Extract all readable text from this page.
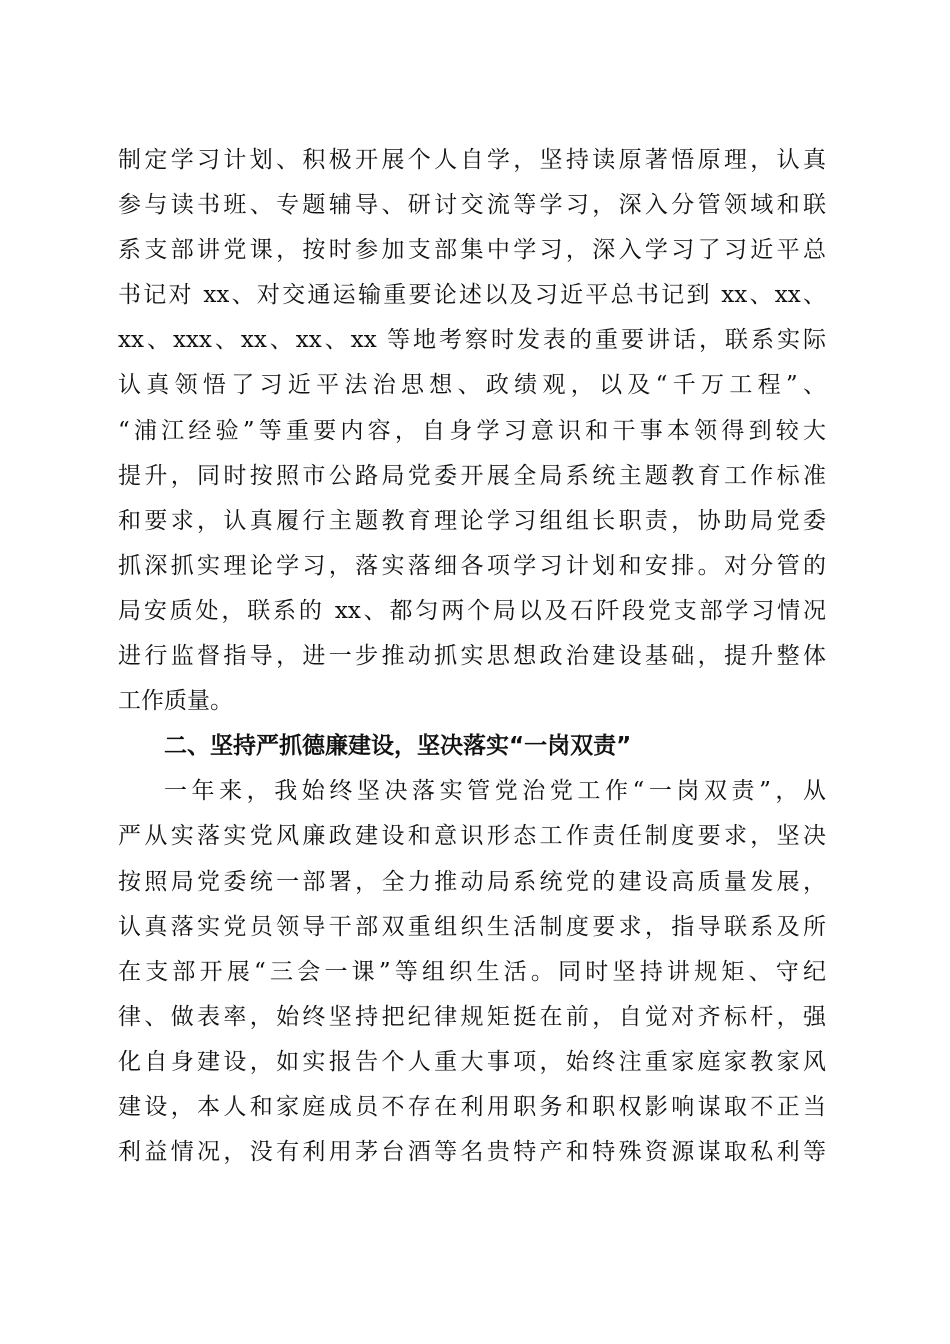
制定学习计划、积极开展个人自学，坚持读原著悟原理，认真
参与读书班、专题辅导、研讨交流等学习，深入分管领域和联
系支部讲党课，按时参加支部集中学习，深入学习了习近平总
书记对 xx、对交通运输重要论述以及习近平总书记到 xx、xx、
xx、xxx、xx、xx、xx 等地考察时发表的重要讲话，联系实际
认真领悟了习近平法治思想、政绩观，以及“千万工程”、
“浦江经验”等重要内容，自身学习意识和干事本领得到较大
提升，同时按照市公路局党委开展全局系统主题教育工作标准
和要求，认真履行主题教育理论学习组组长职责，协助局党委
抓深抓实理论学习，落实落细各项学习计划和安排。对分管的
局安质处，联系的 xx、都匀两个局以及石阡段党支部学习情况
进行监督指导，进一步推动抓实思想政治建设基础，提升整体
工作质量。
二、坚持严抓德廉建设，坚决落实“一岗双责”
一年来，我始终坚决落实管党治党工作“一岗双责”，从
严从实落实党风廉政建设和意识形态工作责任制度要求，坚决
按照局党委统一部署，全力推动局系统党的建设高质量发展，
认真落实党员领导干部双重组织生活制度要求，指导联系及所
在支部开展“三会一课”等组织生活。同时坚持讲规矩、守纪
律、做表率，始终坚持把纪律规矩挺在前，自觉对齐标杆，强
化自身建设，如实报告个人重大事项，始终注重家庭家教家风
建设，本人和家庭成员不存在利用职务和职权影响谋取不正当
利益情况，没有利用茅台酒等名贵特产和特殊资源谋取私利等
